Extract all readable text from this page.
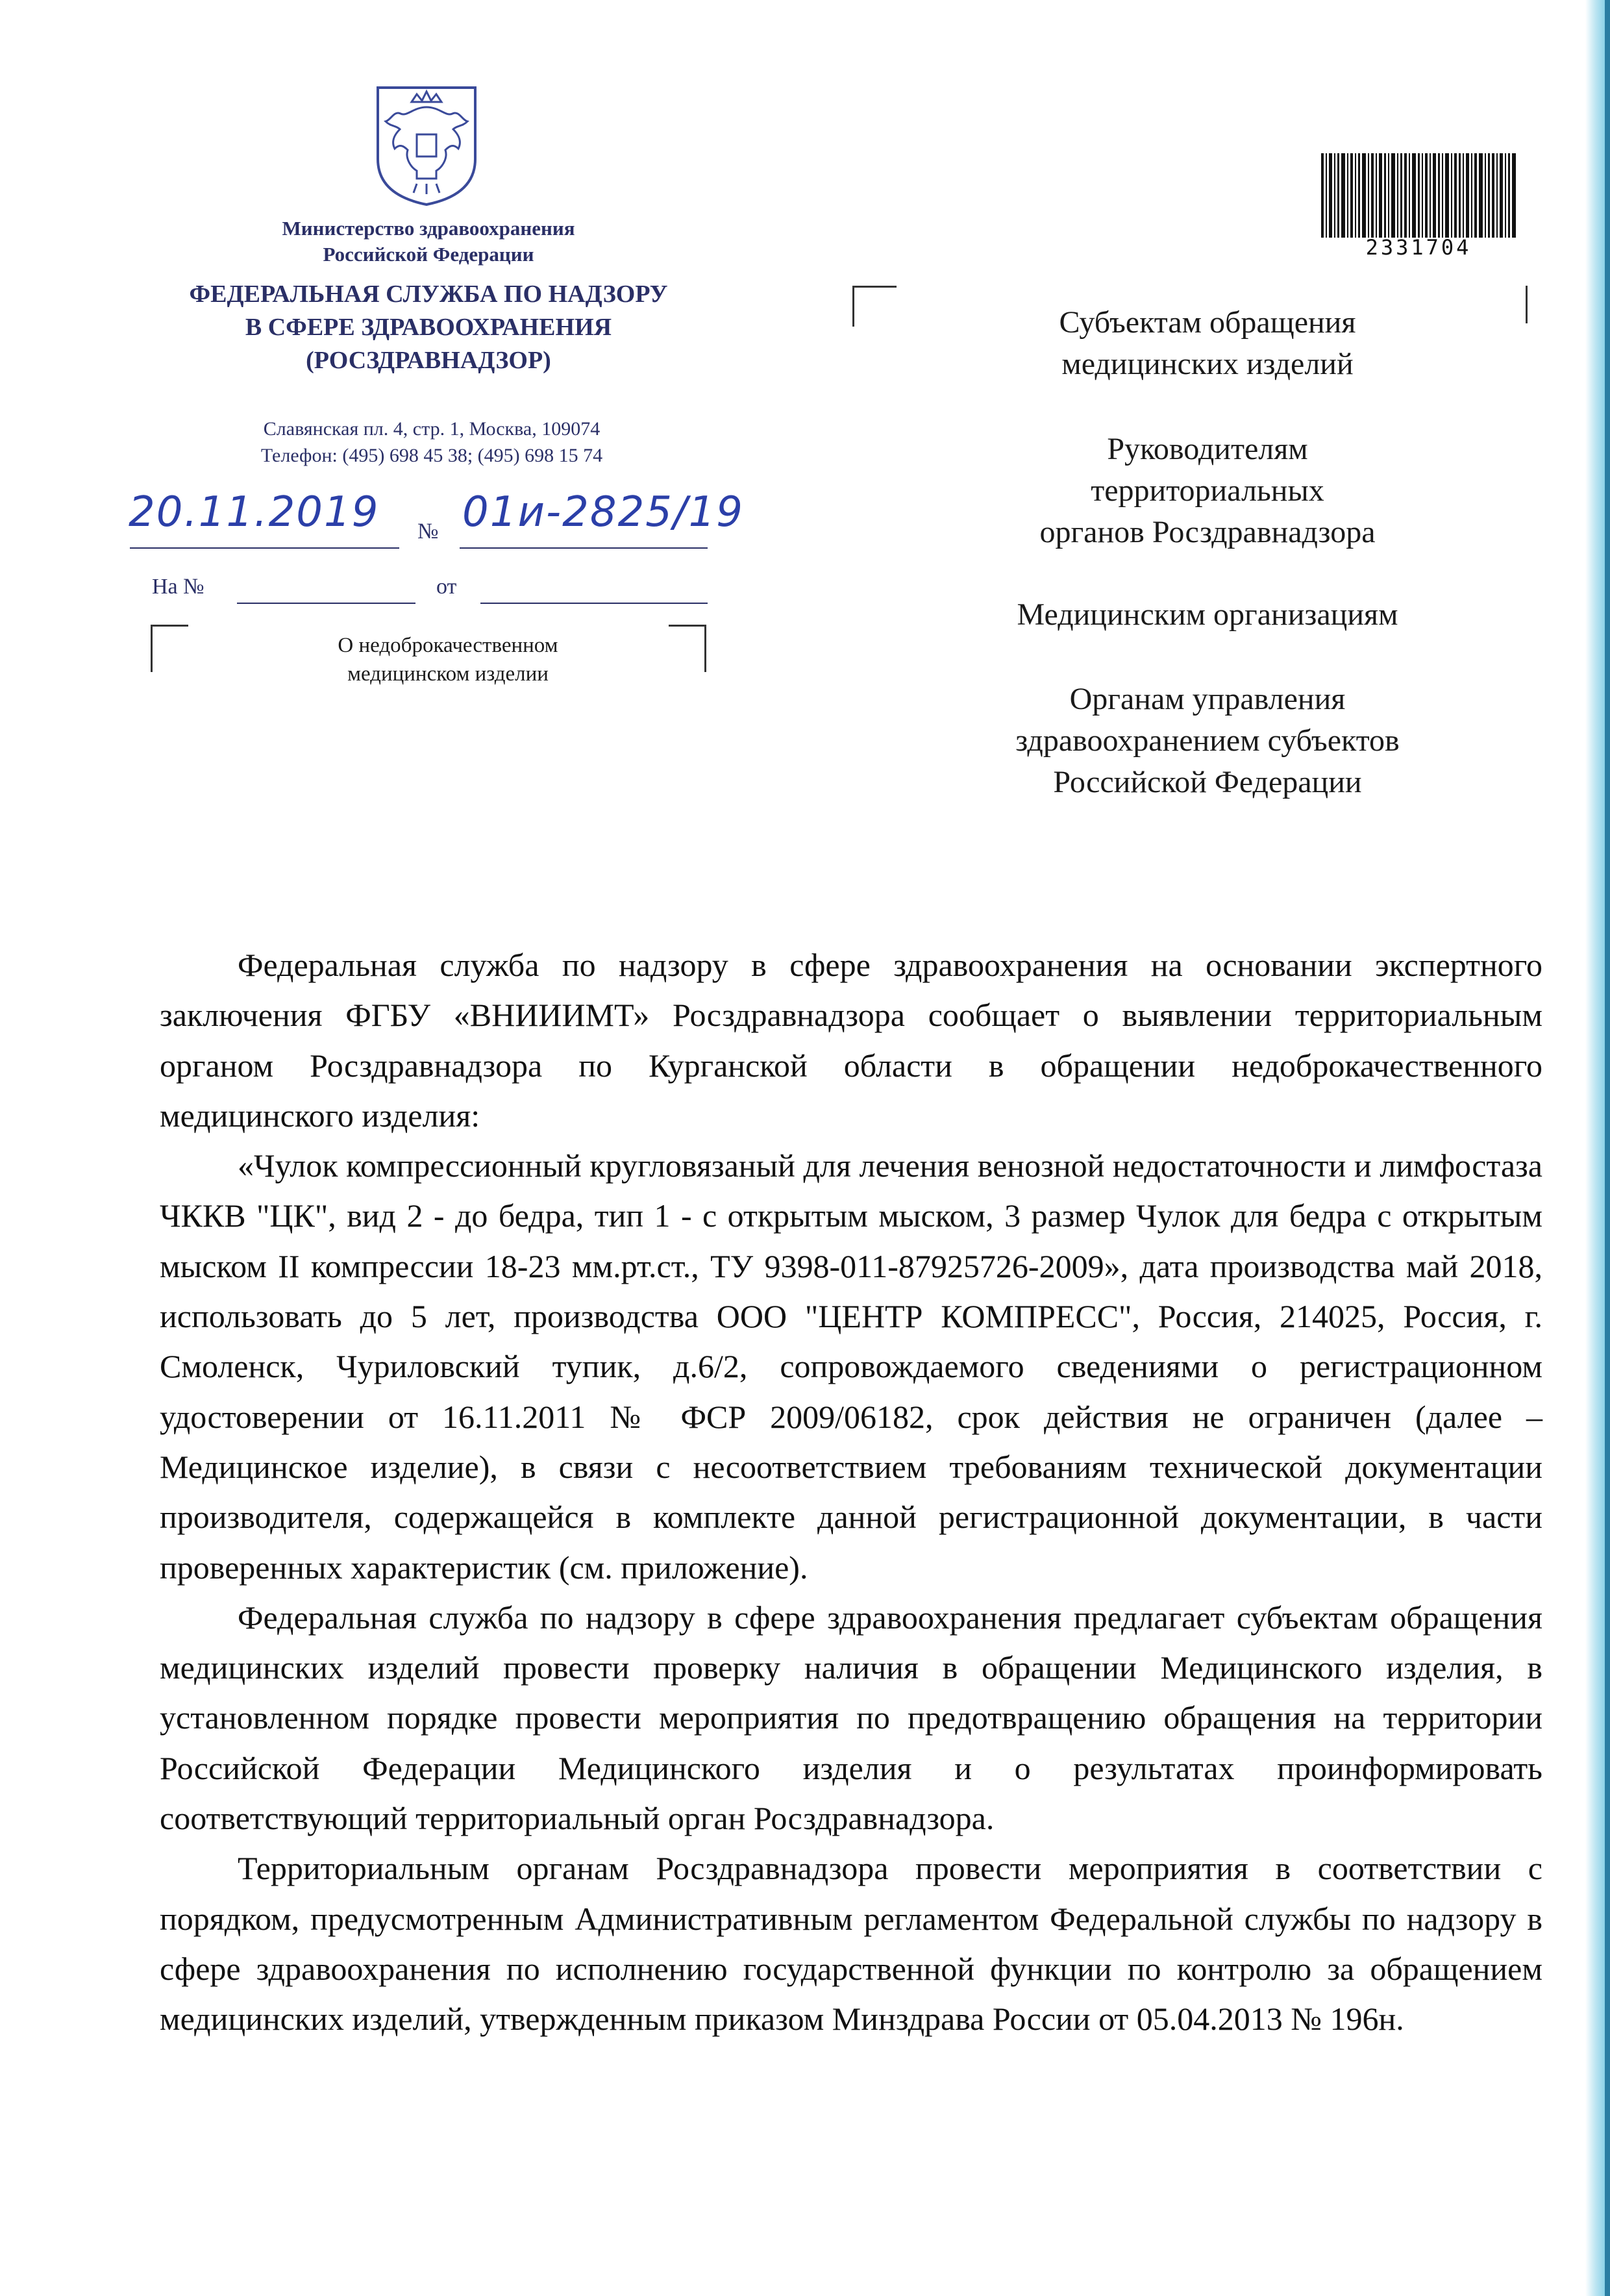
Министерство здравоохранения
Российской Федерации
ФЕДЕРАЛЬНАЯ СЛУЖБА ПО НАДЗОРУ
В СФЕРЕ ЗДРАВООХРАНЕНИЯ
(РОСЗДРАВНАДЗОР)
Славянская пл. 4, стр. 1, Москва, 109074
Телефон: (495) 698 45 38; (495) 698 15 74
20.11.2019 № 01и-2825/19
На №	от
О недоброкачественном
медицинском изделии
2331704
Субъектам обращения
медицинских изделий
Руководителям
территориальных
органов Росздравнадзора
Медицинским организациям
Органам управления
здравоохранением субъектов
Российской Федерации

Федеральная служба по надзору в сфере здравоохранения на основании экспертного заключения ФГБУ «ВНИИИМТ» Росздравнадзора сообщает о выявлении территориальным органом Росздравнадзора по Курганской области в обращении недоброкачественного медицинского изделия:

«Чулок компрессионный кругловязаный для лечения венозной недостаточности и лимфостаза ЧККВ "ЦК", вид 2 - до бедра, тип 1 - с открытым мыском, 3 размер Чулок для бедра с открытым мыском II компрессии 18-23 мм.рт.ст., ТУ 9398-011-87925726-2009», дата производства май 2018, использовать до 5 лет, производства ООО "ЦЕНТР КОМПРЕСС", Россия, 214025, Россия, г. Смоленск, Чуриловский тупик, д.6/2, сопровождаемого сведениями о регистрационном удостоверении от 16.11.2011 № ФСР 2009/06182, срок действия не ограничен (далее – Медицинское изделие), в связи с несоответствием требованиям технической документации производителя, содержащейся в комплекте данной регистрационной документации, в части проверенных характеристик (см. приложение).

Федеральная служба по надзору в сфере здравоохранения предлагает субъектам обращения медицинских изделий провести проверку наличия в обращении Медицинского изделия, в установленном порядке провести мероприятия по предотвращению обращения на территории Российской Федерации Медицинского изделия и о результатах проинформировать соответствующий территориальный орган Росздравнадзора.

Территориальным органам Росздравнадзора провести мероприятия в соответствии с порядком, предусмотренным Административным регламентом Федеральной службы по надзору в сфере здравоохранения по исполнению государственной функции по контролю за обращением медицинских изделий, утвержденным приказом Минздрава России от 05.04.2013 № 196н.
